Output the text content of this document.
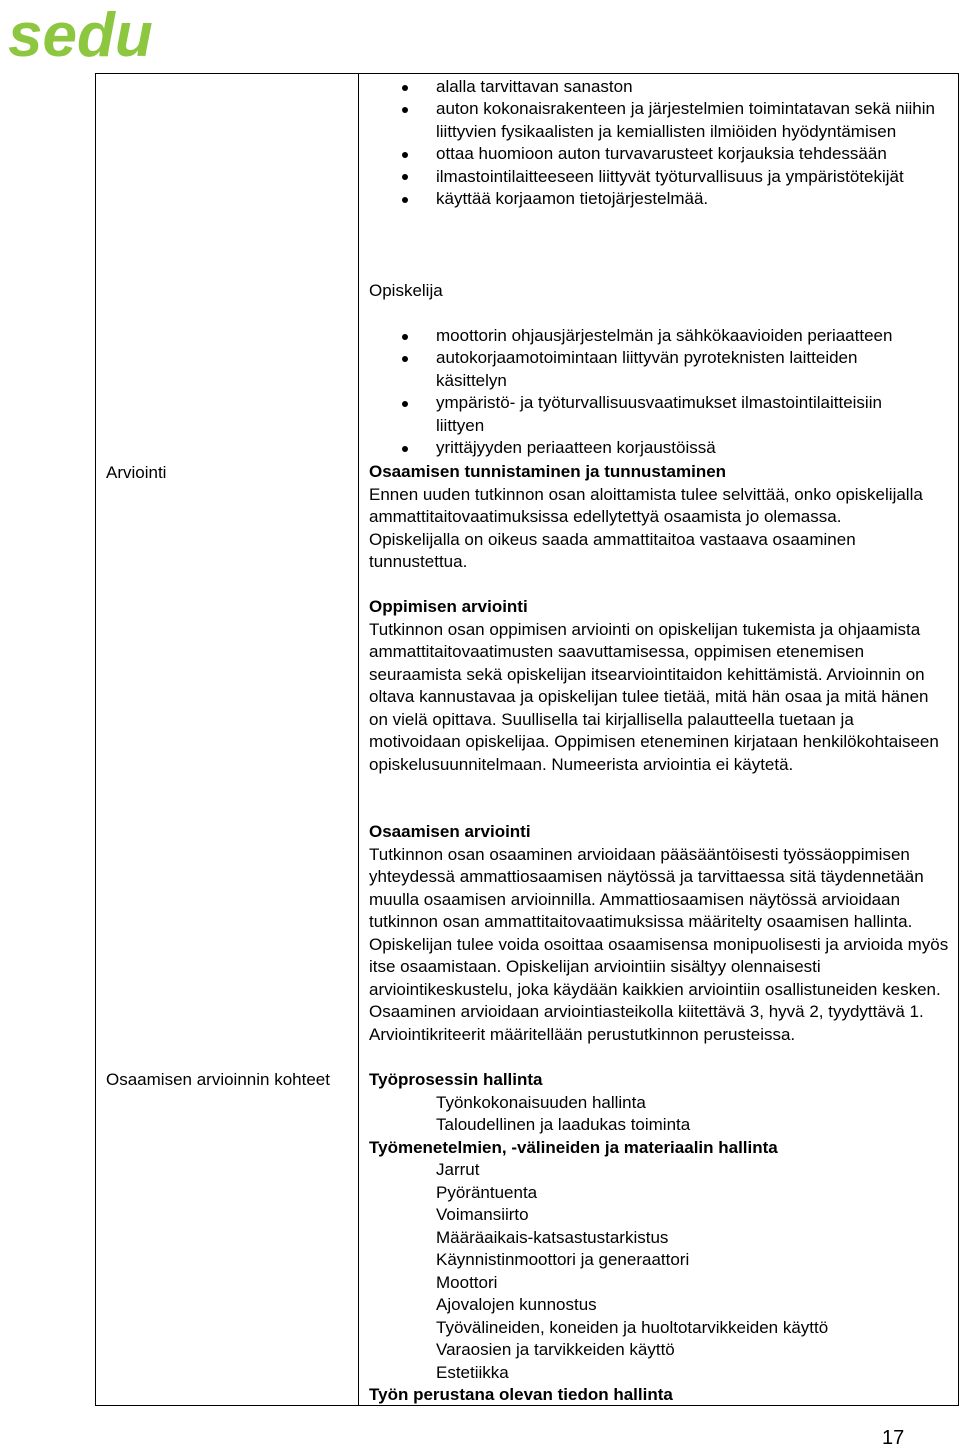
sedu
alalla tarvittavan sanaston
auton kokonaisrakenteen ja järjestelmien toimintatavan sekä niihin liittyvien fysikaalisten ja kemiallisten ilmiöiden hyödyntämisen
ottaa huomioon auton turvavarusteet korjauksia tehdessään
ilmastointilaitteeseen liittyvät työturvallisuus ja ympäristötekijät
käyttää korjaamon tietojärjestelmää.
Opiskelija
moottorin ohjausjärjestelmän ja sähkökaavioiden periaatteen
autokorjaamotoimintaan liittyvän pyroteknisten laitteiden käsittelyn
ympäristö- ja työturvallisuusvaatimukset ilmastointilaitteisiin liittyen
yrittäjyyden periaatteen korjaustöissä
Arviointi
Osaamisen arvioinnin kohteet
Osaamisen tunnistaminen ja tunnustaminen
Ennen uuden tutkinnon osan aloittamista tulee selvittää, onko opiskelijalla ammattitaitovaatimuksissa edellytettyä osaamista jo olemassa.
Opiskelijalla on oikeus saada ammattitaitoa vastaava osaaminen tunnustettua.
Oppimisen arviointi
Tutkinnon osan oppimisen arviointi on opiskelijan tukemista ja ohjaamista ammattitaitovaatimusten saavuttamisessa, oppimisen etenemisen seuraamista sekä opiskelijan itsearviointitaidon kehittämistä. Arvioinnin on oltava kannustavaa ja opiskelijan tulee tietää, mitä hän osaa ja mitä hänen on vielä opittava. Suullisella tai kirjallisella palautteella tuetaan ja motivoidaan opiskelijaa. Oppimisen eteneminen kirjataan henkilökohtaiseen opiskelusuunnitelmaan. Numeerista arviointia ei käytetä.
Osaamisen arviointi
Tutkinnon osan osaaminen arvioidaan pääsääntöisesti työssäoppimisen yhteydessä ammattiosaamisen näytössä ja tarvittaessa sitä täydennetään muulla osaamisen arvioinnilla. Ammattiosaamisen näytössä arvioidaan tutkinnon osan ammattitaitovaatimuksissa määritelty osaamisen hallinta. Opiskelijan tulee voida osoittaa osaamisensa monipuolisesti ja arvioida myös itse osaamistaan. Opiskelijan arviointiin sisältyy olennaisesti arviointikeskustelu, joka käydään kaikkien arviointiin osallistuneiden kesken.
Osaaminen arvioidaan arviointiasteikolla kiitettävä 3, hyvä 2, tyydyttävä 1. Arviointikriteerit määritellään perustutkinnon perusteissa.
Työprosessin hallinta
Työnkokonaisuuden hallinta
Taloudellinen ja laadukas toiminta
Työmenetelmien, -välineiden ja materiaalin hallinta
Jarrut
Pyöräntuenta
Voimansiirto
Määräaikais-katsastustarkistus
Käynnistinmoottori ja generaattori
Moottori
Ajovalojen kunnostus
Työvälineiden, koneiden ja huoltotarvikkeiden käyttö
Varaosien ja tarvikkeiden käyttö
Estetiikka
Työn perustana olevan tiedon hallinta
17
